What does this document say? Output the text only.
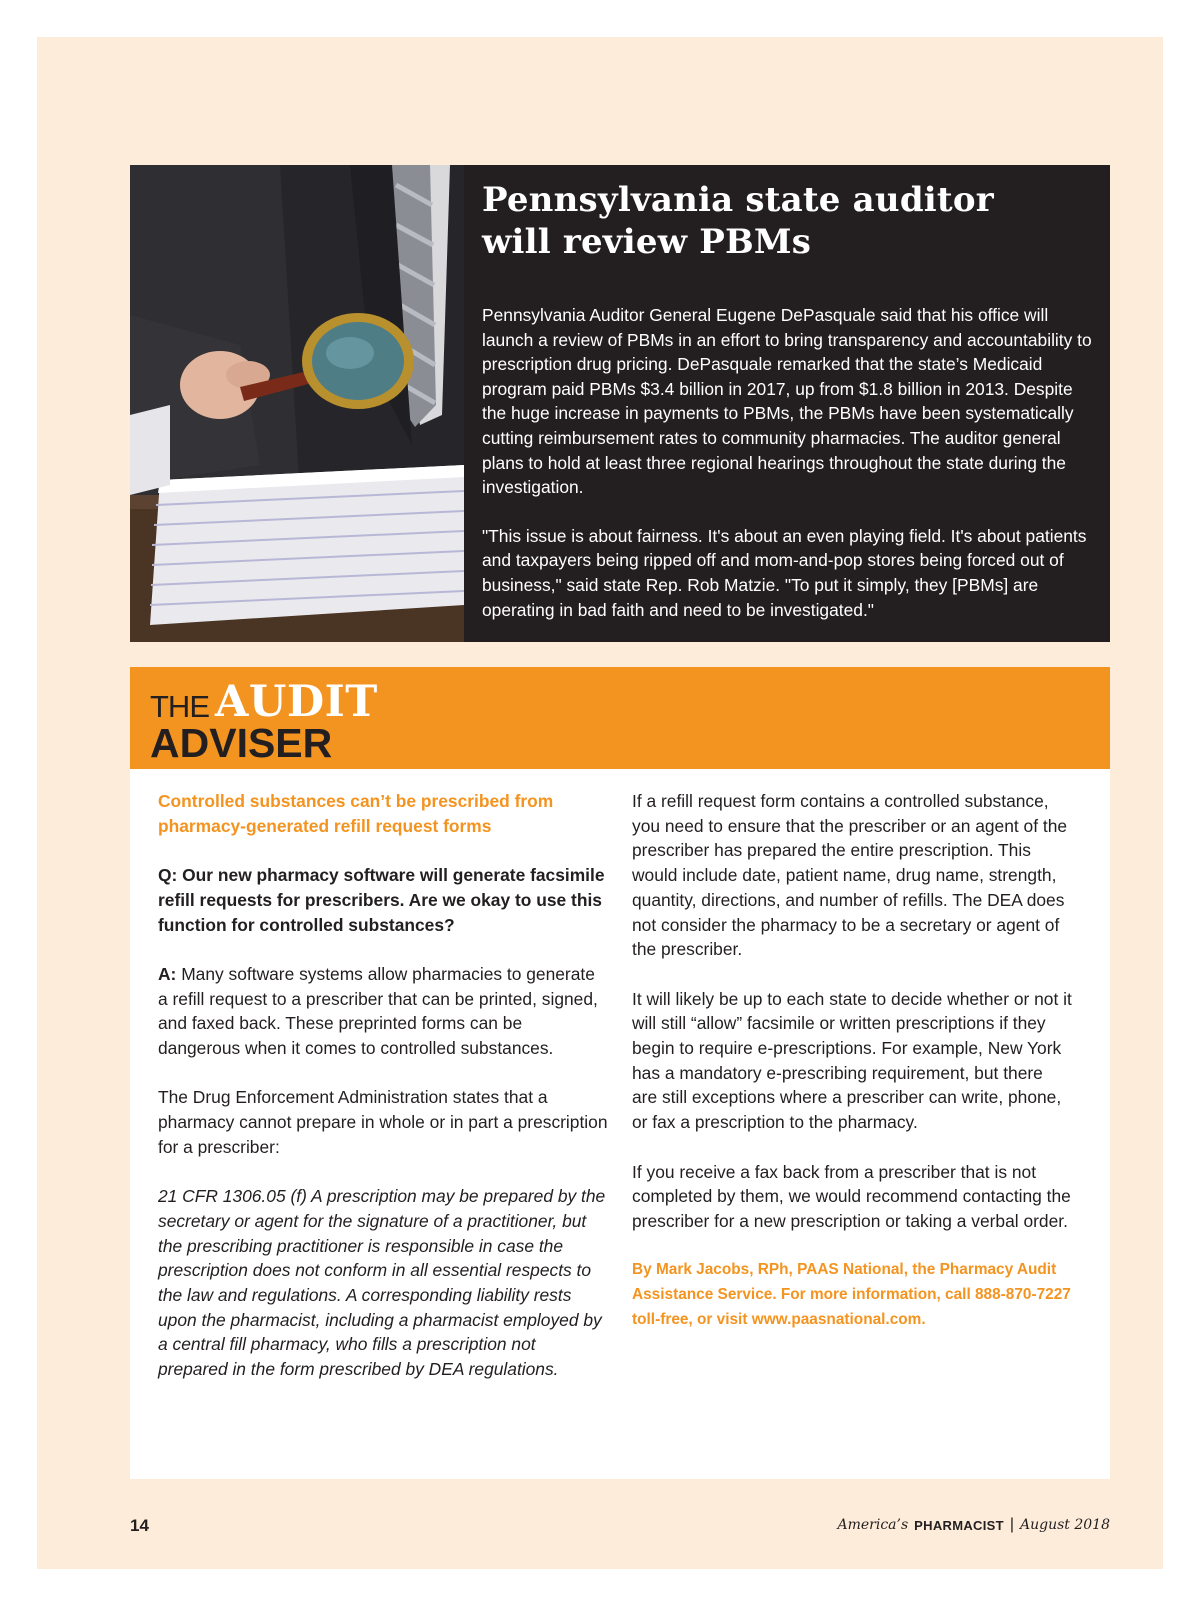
Pennsylvania state auditor
will review PBMs

Pennsylvania Auditor General Eugene DePasquale said that his office will launch a review of PBMs in an effort to bring transparency and accountability to prescription drug pricing. DePasquale remarked that the state’s Medicaid program paid PBMs $3.4 billion in 2017, up from $1.8 billion in 2013. Despite the huge increase in payments to PBMs, the PBMs have been systematically cutting reimbursement rates to community pharmacies. The auditor general plans to hold at least three regional hearings throughout the state during the investigation.

"This issue is about fairness. It's about an even playing field. It's about patients and taxpayers being ripped off and mom-and-pop stores being forced out of business," said state Rep. Rob Matzie. "To put it simply, they [PBMs] are operating in bad faith and need to be investigated."

THE AUDIT
ADVISER

Controlled substances can’t be prescribed from pharmacy-generated refill request forms

Q: Our new pharmacy software will generate facsimile refill requests for prescribers. Are we okay to use this function for controlled substances?

A: Many software systems allow pharmacies to generate a refill request to a prescriber that can be printed, signed, and faxed back. These preprinted forms can be dangerous when it comes to controlled substances.

The Drug Enforcement Administration states that a pharmacy cannot prepare in whole or in part a prescription for a prescriber:

21 CFR 1306.05 (f) A prescription may be prepared by the secretary or agent for the signature of a practitioner, but the prescribing practitioner is responsible in case the prescription does not conform in all essential respects to the law and regulations. A corresponding liability rests upon the pharmacist, including a pharmacist employed by a central fill pharmacy, who fills a prescription not prepared in the form prescribed by DEA regulations.

If a refill request form contains a controlled substance, you need to ensure that the prescriber or an agent of the prescriber has prepared the entire prescription. This would include date, patient name, drug name, strength, quantity, directions, and number of refills. The DEA does not consider the pharmacy to be a secretary or agent of the prescriber.

It will likely be up to each state to decide whether or not it will still “allow” facsimile or written prescriptions if they begin to require e-prescriptions. For example, New York has a mandatory e-prescribing requirement, but there are still exceptions where a prescriber can write, phone, or fax a prescription to the pharmacy.

If you receive a fax back from a prescriber that is not completed by them, we would recommend contacting the prescriber for a new prescription or taking a verbal order.

By Mark Jacobs, RPh, PAAS National, the Pharmacy Audit Assistance Service. For more information, call 888-870-7227 toll-free, or visit www.paasnational.com.

14	America’s PHARMACIST | August 2018
